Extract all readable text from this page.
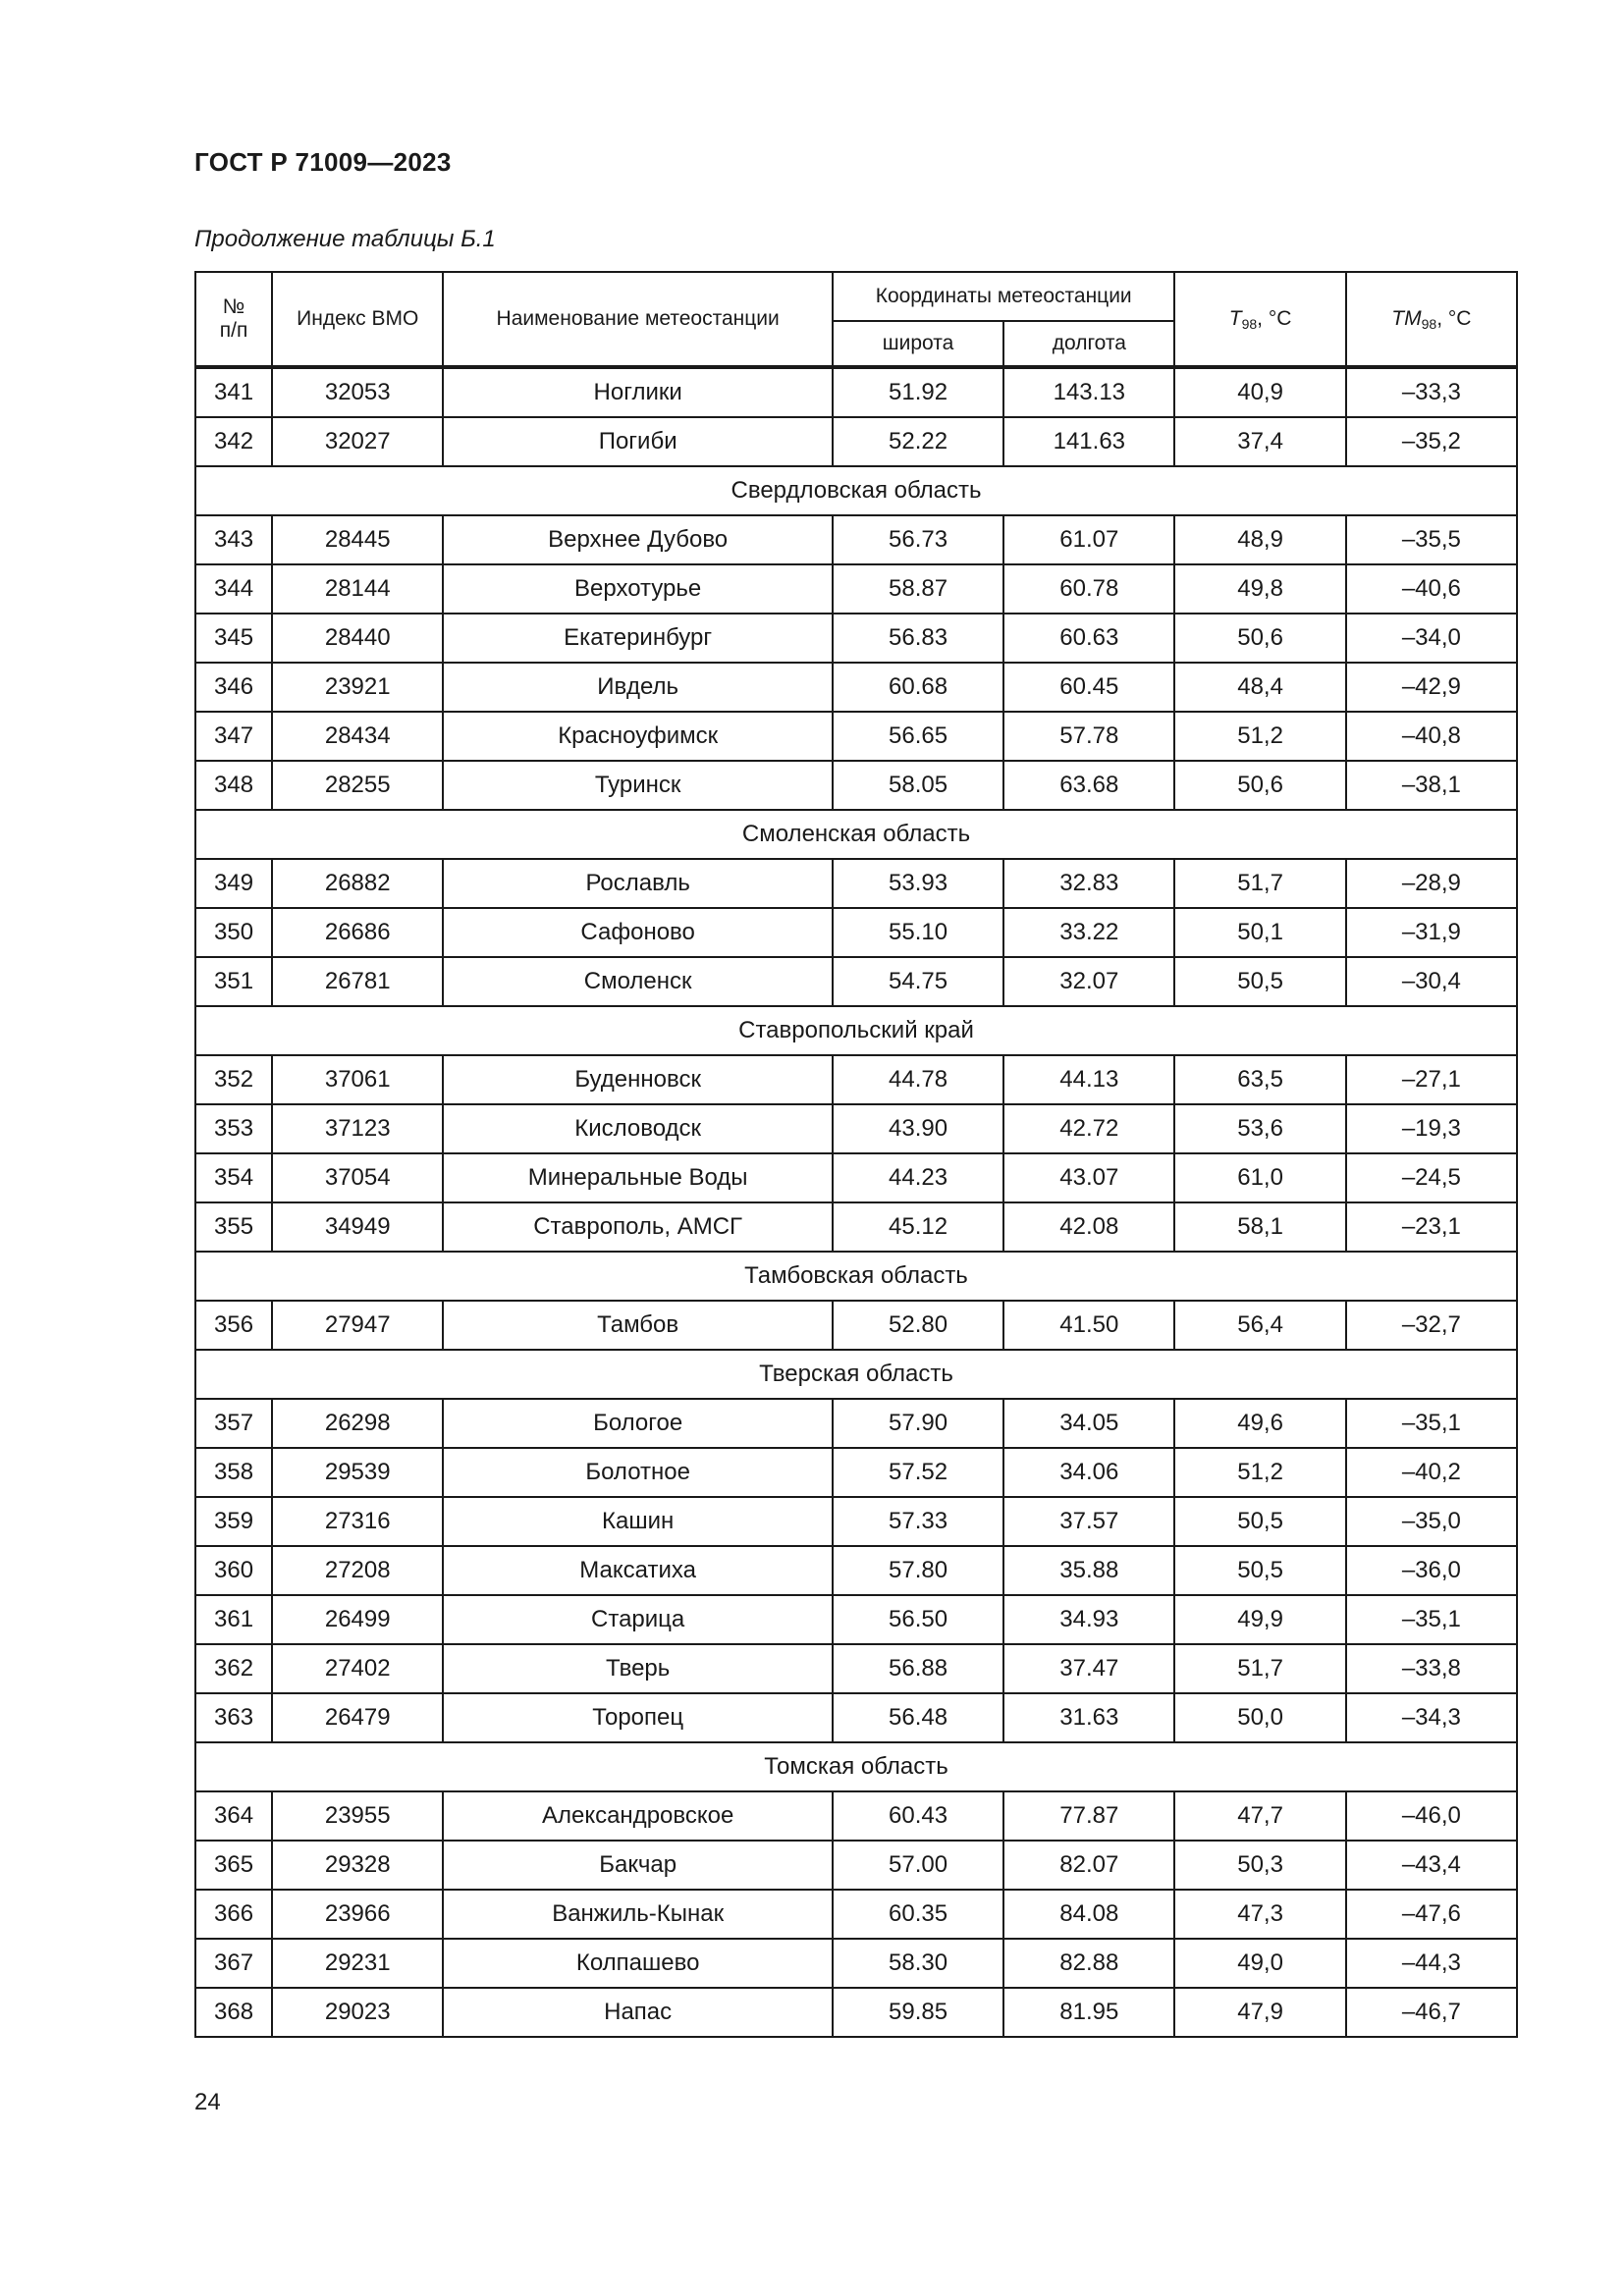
ГОСТ Р 71009—2023
Продолжение таблицы Б.1
№
п/п	Индекс ВМО	Наименование метеостанции	Координаты метеостанции		$T_{98}$, °С	$TM_{98}$, °С
			широта	долгота		
341	32053	Ноглики	51.92	143.13	40,9	–33,3
342	32027	Погиби	52.22	141.63	37,4	–35,2
Свердловская область						
343	28445	Верхнее Дубово	56.73	61.07	48,9	–35,5
344	28144	Верхотурье	58.87	60.78	49,8	–40,6
345	28440	Екатеринбург	56.83	60.63	50,6	–34,0
346	23921	Ивдель	60.68	60.45	48,4	–42,9
347	28434	Красноуфимск	56.65	57.78	51,2	–40,8
348	28255	Туринск	58.05	63.68	50,6	–38,1
Смоленская область						
349	26882	Рославль	53.93	32.83	51,7	–28,9
350	26686	Сафоново	55.10	33.22	50,1	–31,9
351	26781	Смоленск	54.75	32.07	50,5	–30,4
Ставропольский край						
352	37061	Буденновск	44.78	44.13	63,5	–27,1
353	37123	Кисловодск	43.90	42.72	53,6	–19,3
354	37054	Минеральные Воды	44.23	43.07	61,0	–24,5
355	34949	Ставрополь, АМСГ	45.12	42.08	58,1	–23,1
Тамбовская область						
356	27947	Тамбов	52.80	41.50	56,4	–32,7
Тверская область						
357	26298	Бологое	57.90	34.05	49,6	–35,1
358	29539	Болотное	57.52	34.06	51,2	–40,2
359	27316	Кашин	57.33	37.57	50,5	–35,0
360	27208	Максатиха	57.80	35.88	50,5	–36,0
361	26499	Старица	56.50	34.93	49,9	–35,1
362	27402	Тверь	56.88	37.47	51,7	–33,8
363	26479	Торопец	56.48	31.63	50,0	–34,3
Томская область						
364	23955	Александровское	60.43	77.87	47,7	–46,0
365	29328	Бакчар	57.00	82.07	50,3	–43,4
366	23966	Ванжиль-Кынак	60.35	84.08	47,3	–47,6
367	29231	Колпашево	58.30	82.88	49,0	–44,3
368	29023	Напас	59.85	81.95	47,9	–46,7
24
